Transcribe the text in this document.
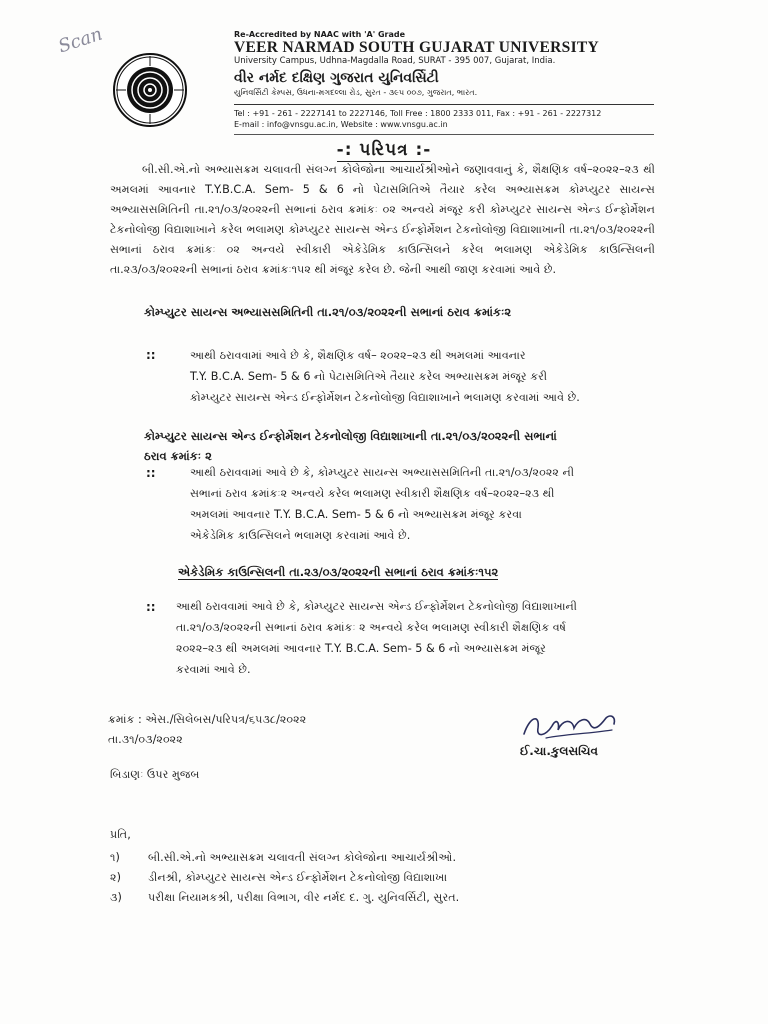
Scan	Re-Accredited by NAAC with 'A' Grade
VEER NARMAD SOUTH GUJARAT UNIVERSITY
University Campus, Udhna-Magdalla Road, SURAT - 395 007, Gujarat, India.
વીર નર્મદ દક્ષિણ ગુજરાત યુનિવર્સિટી
યુનિવર્સિટી કેમ્પસ, ઉધના-મગદલ્લા રોડ, સુરત - ૩૯૫ ૦૦૭, ગુજરાત, ભારત.
Tel : +91 - 261 - 2227141 to 2227146, Toll Free : 1800 2333 011, Fax : +91 - 261 - 2227312
E-mail : info@vnsgu.ac.in, Website : www.vnsgu.ac.in
-: પરિપત્ર :-
બી.સી.એ.નો અભ્યાસક્રમ ચલાવતી સંલગ્ન કોલેજોના આચાર્યશ્રીઓને જણાવવાનું કે, શૈક્ષણિક વર્ષ–૨૦૨૨–૨૩ થી અમલમાં આવનાર T.Y.B.C.A. Sem- 5 & 6 નો પેટાસમિતિએ તૈયાર કરેલ અભ્યાસક્રમ કોમ્પ્યુટર સાયન્સ અભ્યાસસમિતિની તા.૨૧/૦૩/૨૦૨૨ની સભાનાં ઠરાવ ક્રમાંકઃ ૦૨ અન્વયે મંજૂર કરી કોમ્પ્યુટર સાયન્સ એન્ડ ઈન્ફોર્મેશન ટેકનોલોજી વિદ્યાશાખાને કરેલ ભલામણ કોમ્પ્યુટર સાયન્સ એન્ડ ઈન્ફોર્મેશન ટેકનોલોજી વિદ્યાશાખાની તા.૨૧/૦૩/૨૦૨૨ની સભાનાં ઠરાવ ક્રમાંકઃ ૦૨ અન્વયે સ્વીકારી એકેડેમિક કાઉન્સિલને કરેલ ભલામણ એકેડેમિક કાઉન્સિલની તા.૨૩/૦૩/૨૦૨૨ની સભાનાં ઠરાવ ક્રમાંકઃ૧૫૨ થી મંજૂર કરેલ છે. જેની આથી જાણ કરવામાં આવે છે.
કોમ્પ્યુટર સાયન્સ અભ્યાસસમિતિની તા.૨૧/૦૩/૨૦૨૨ની સભાનાં ઠરાવ ક્રમાંકઃ૨
::	આથી ઠરાવવામાં આવે છે કે, શૈક્ષણિક વર્ષ– ૨૦૨૨–૨૩ થી અમલમાં આવનાર
T.Y. B.C.A. Sem- 5 & 6 નો પેટાસમિતિએ તૈયાર કરેલ અભ્યાસક્રમ મંજૂર કરી
કોમ્પ્યુટર સાયન્સ એન્ડ ઈન્ફોર્મેશન ટેકનોલોજી વિદ્યાશાખાને ભલામણ કરવામાં આવે છે.
કોમ્પ્યુટર સાયન્સ એન્ડ ઈન્ફોર્મેશન ટેકનોલોજી વિદ્યાશાખાની તા.૨૧/૦૩/૨૦૨૨ની સભાનાં
ઠરાવ ક્રમાંકઃ ૨
::	આથી ઠરાવવામાં આવે છે કે, કોમ્પ્યુટર સાયન્સ અભ્યાસસમિતિની તા.૨૧/૦૩/૨૦૨૨ ની
સભાનાં ઠરાવ ક્રમાંકઃ૨ અન્વયે કરેલ ભલામણ સ્વીકારી શૈક્ષણિક વર્ષ–૨૦૨૨–૨૩ થી
અમલમાં આવનાર T.Y. B.C.A. Sem- 5 & 6 નો અભ્યાસક્રમ મંજૂર કરવા
એકેડેમિક કાઉન્સિલને ભલામણ કરવામાં આવે છે.
એકેડેમિક કાઉન્સિલની તા.૨૩/૦૩/૨૦૨૨ની સભાનાં ઠરાવ ક્રમાંકઃ૧૫૨
:: આથી ઠરાવવામાં આવે છે કે, કોમ્પ્યુટર સાયન્સ એન્ડ ઈન્ફોર્મેશન ટેકનોલોજી વિદ્યાશાખાની
તા.૨૧/૦૩/૨૦૨૨ની સભાનાં ઠરાવ ક્રમાંકઃ ૨ અન્વયે કરેલ ભલામણ સ્વીકારી શૈક્ષણિક વર્ષ
૨૦૨૨–૨૩ થી અમલમાં આવનાર T.Y. B.C.A. Sem- 5 & 6 નો અભ્યાસક્રમ મંજૂર
કરવામાં આવે છે.
ક્રમાંક : એસ./સિલેબસ/પરિપત્ર/૬૫૩૮/૨૦૨૨
તા.૩૧/૦૩/૨૦૨૨
ઈ.ચા.કુલસચિવ
બિડાણઃ ઉપર મુજબ
પ્રતિ,
૧)	બી.સી.એ.નો અભ્યાસક્રમ ચલાવતી સંલગ્ન કોલેજોના આચાર્યશ્રીઓ.
૨) ડીનશ્રી, કોમ્પ્યુટર સાયન્સ એન્ડ ઈન્ફોર્મેશન ટેકનોલોજી વિદ્યાશાખા
૩) પરીક્ષા નિયામકશ્રી, પરીક્ષા વિભાગ, વીર નર્મદ દ. ગુ. યુનિવર્સિટી, સુરત.
